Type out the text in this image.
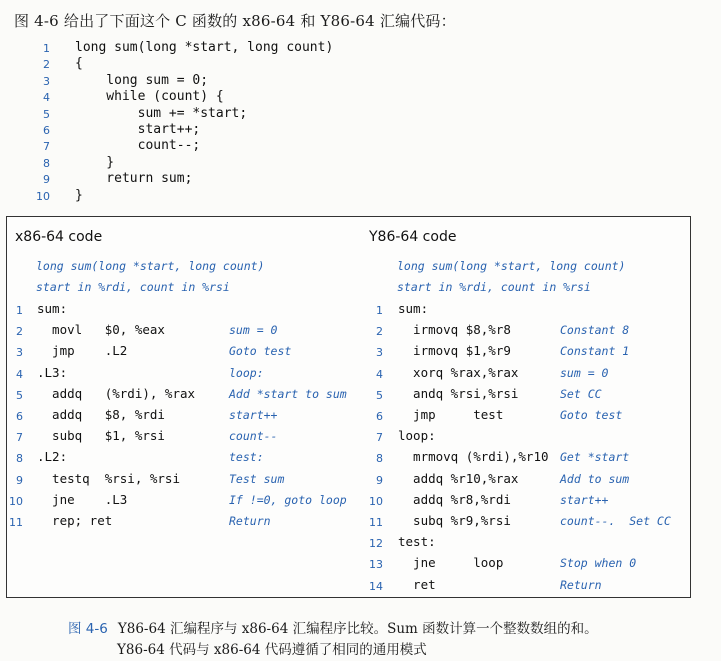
图 4-6 给出了下面这个 C 函数的 x86-64 和 Y86-64 汇编代码：
1 long sum(long *start, long count)
2 {
3 long sum = 0;
4 while (count) {
5 sum += *start;
6 start++;
7 count--;
8 }
9 return sum;
10 }
x86-64 code	Y86-64 code
long sum(long *start, long count)
start in %rdi, count in %rsi
long sum(long *start, long count)
start in %rdi, count in %rsi
1 sum:
2 movl   $0, %eax	sum = 0
3 jmp    .L2	Goto test
4 .L3:	loop:
5 addq   (%rdi), %rax	Add *start to sum
6 addq   $8, %rdi	start++
7 subq   $1, %rsi	count--
8 .L2:	test:
9 testq  %rsi, %rsi	Test sum
10 jne    .L3	If !=0, goto loop
11 rep; ret	Return
1 sum:
2 irmovq $8,%r8	Constant 8
3 irmovq $1,%r9	Constant 1
4 xorq %rax,%rax	sum = 0
5 andq %rsi,%rsi	Set CC
6 jmp     test	Goto test
7 loop:
8 mrmovq (%rdi),%r10 Get *start
9 addq %r10,%rax	Add to sum
10 addq %r8,%rdi	start++
11 subq %r9,%rsi	count--.  Set CC
12 test:
13 jne     loop	Stop when 0
14 ret	Return
图 4-6 Y86-64 汇编程序与 x86-64 汇编程序比较。Sum 函数计算一个整数数组的和。
Y86-64 代码与 x86-64 代码遵循了相同的通用模式
